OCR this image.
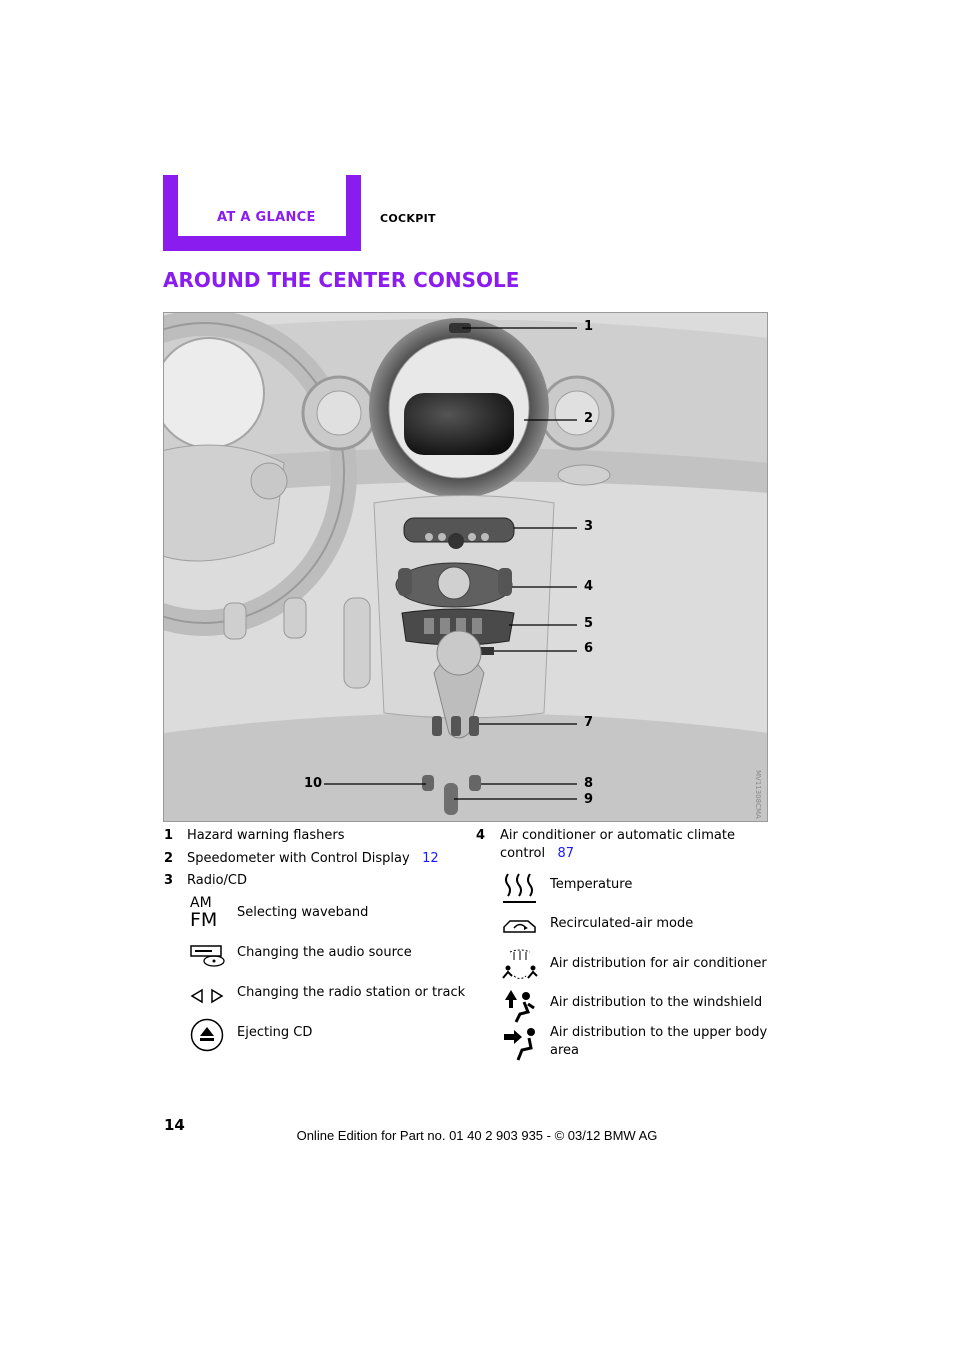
AT A GLANCE	COCKPIT
AROUND THE CENTER CONSOLE
1
2
3
4
5
6
7
8
9
10	MV11308CMA
1 Hazard warning flashers
2 Speedometer with Control Display 12
3 Radio/CD
AM
FM	Selecting waveband
Changing the audio source
Changing the radio station or track
Ejecting CD
4 Air conditioner or automatic climate
control 87
Temperature
Recirculated-air mode
Air distribution for air conditioner
Air distribution to the windshield
Air distribution to the upper body
area
14
Online Edition for Part no. 01 40 2 903 935 - © 03/12 BMW AG
